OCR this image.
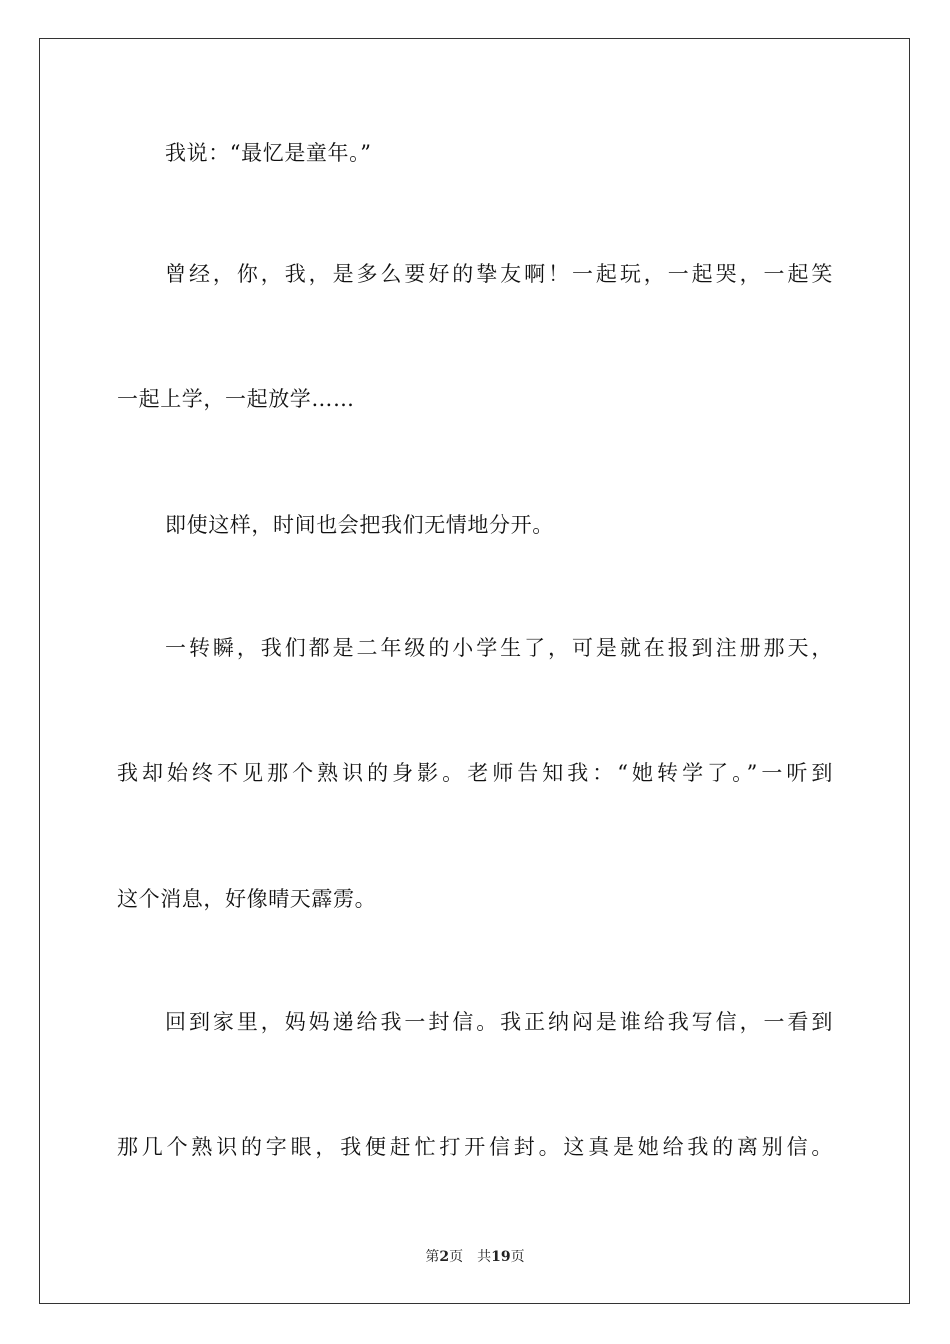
我说：“最忆是童年。”
曾经，你，我，是多么要好的挚友啊！一起玩，一起哭，一起笑
一起上学，一起放学……
即使这样，时间也会把我们无情地分开。
一转瞬，我们都是二年级的小学生了，可是就在报到注册那天，
我却始终不见那个熟识的身影。老师告知我：“她转学了。”一听到
这个消息，好像晴天霹雳。
回到家里，妈妈递给我一封信。我正纳闷是谁给我写信，一看到
那几个熟识的字眼，我便赶忙打开信封。这真是她给我的离别信。
第2页 共19页
